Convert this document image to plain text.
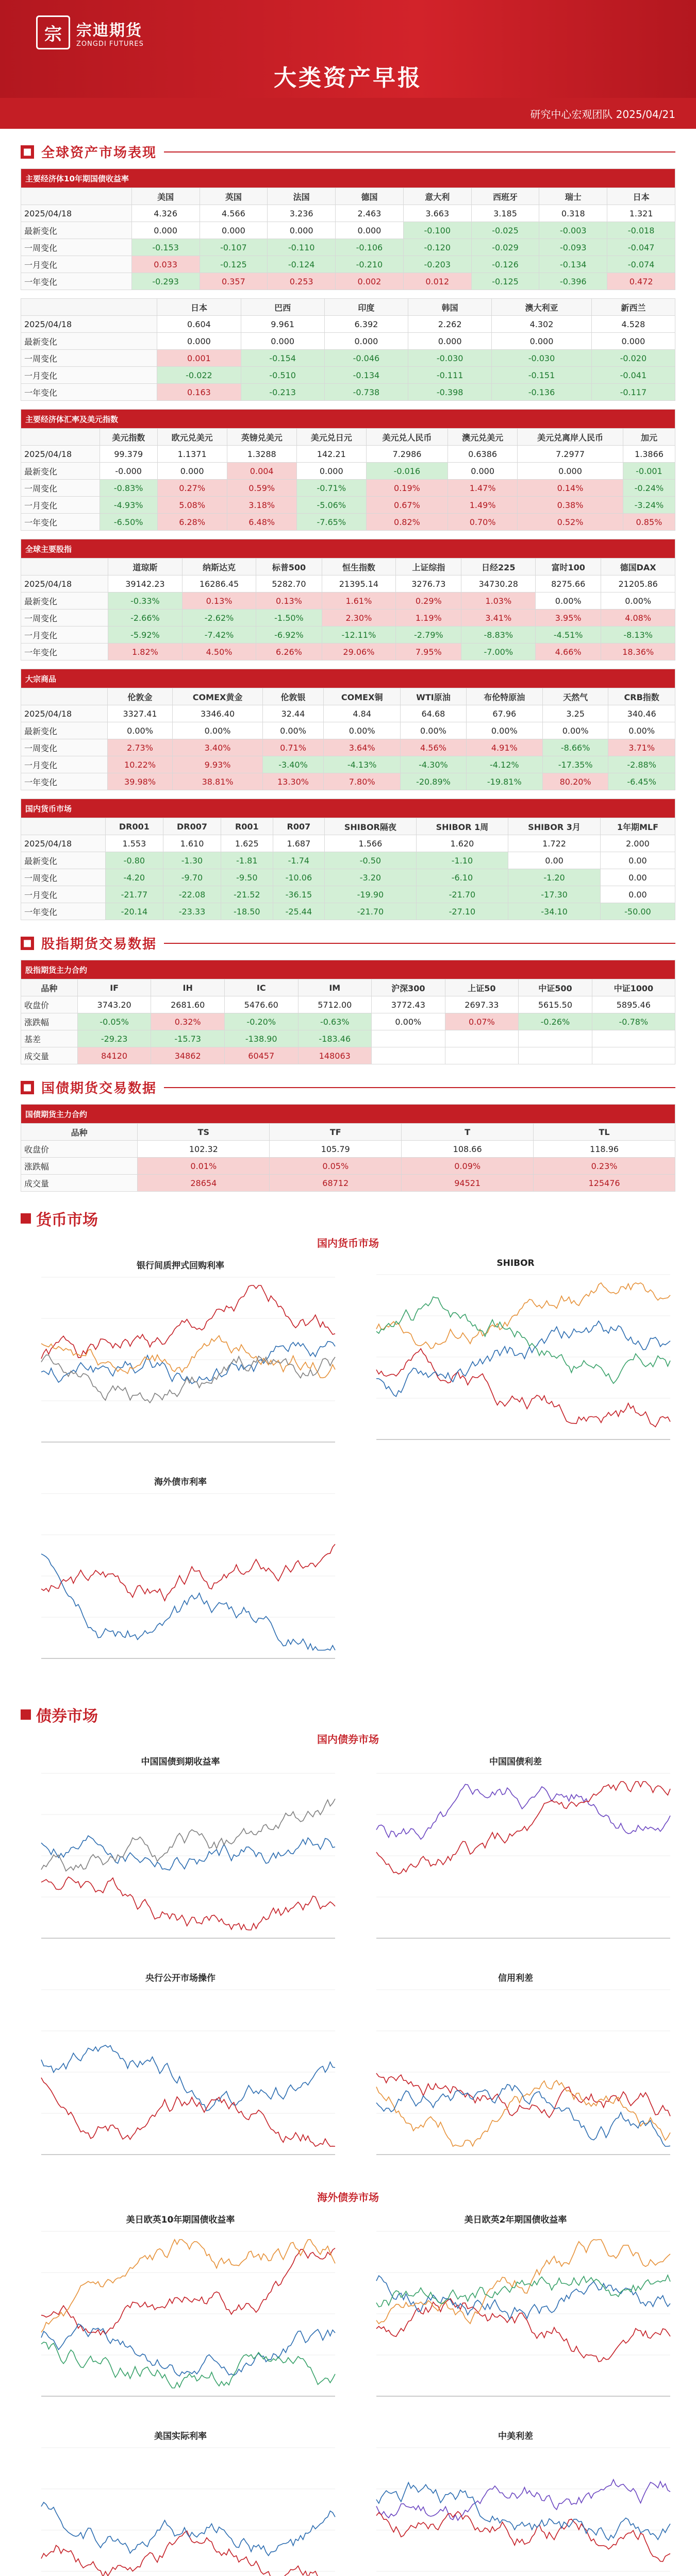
宗 宗迪期货
ZONGDI FUTURES
大类资产早报
研究中心宏观团队 2025/04/21
■ 全球资产市场表现
主要经济体10年期国债收益率								
	美国	英国	法国	德国	意大利	西班牙	瑞士	日本
2025/04/18	4.326	4.566	3.236	2.463	3.663	3.185	0.318	1.321
最新变化	0.000	0.000	0.000	0.000	-0.100	-0.025	-0.003	-0.018
一周变化	-0.153	-0.107	-0.110	-0.106	-0.120	-0.029	-0.093	-0.047
一月变化	0.033	-0.125	-0.124	-0.210	-0.203	-0.126	-0.134	-0.074
一年变化	-0.293	0.357	0.253	0.002	0.012	-0.125	-0.396	0.472
	日本	巴西	印度	韩国	澳大利亚	新西兰
2025/04/18	0.604	9.961	6.392	2.262	4.302	4.528
最新变化	0.000	0.000	0.000	0.000	0.000	0.000
一周变化	0.001	-0.154	-0.046	-0.030	-0.030	-0.020
一月变化	-0.022	-0.510	-0.134	-0.111	-0.151	-0.041
一年变化	0.163	-0.213	-0.738	-0.398	-0.136	-0.117
主要经济体汇率及美元指数								
	美元指数	欧元兑美元	英镑兑美元	美元兑日元	美元兑人民币	澳元兑美元	美元兑离岸人民币	加元
2025/04/18	99.379	1.1371	1.3288	142.21	7.2986	0.6386	7.2977	1.3866
最新变化	-0.000	0.000	0.004	0.000	-0.016	0.000	0.000	-0.001
一周变化	-0.83%	0.27%	0.59%	-0.71%	0.19%	1.47%	0.14%	-0.24%
一月变化	-4.93%	5.08%	3.18%	-5.06%	0.67%	1.49%	0.38%	-3.24%
一年变化	-6.50%	6.28%	6.48%	-7.65%	0.82%	0.70%	0.52%	0.85%
全球主要股指								
	道琼斯	纳斯达克	标普500	恒生指数	上证综指	日经225	富时100	德国DAX
2025/04/18	39142.23	16286.45	5282.70	21395.14	3276.73	34730.28	8275.66	21205.86
最新变化	-0.33%	0.13%	0.13%	1.61%	0.29%	1.03%	0.00%	0.00%
一周变化	-2.66%	-2.62%	-1.50%	2.30%	1.19%	3.41%	3.95%	4.08%
一月变化	-5.92%	-7.42%	-6.92%	-12.11%	-2.79%	-8.83%	-4.51%	-8.13%
一年变化	1.82%	4.50%	6.26%	29.06%	7.95%	-7.00%	4.66%	18.36%
大宗商品								
	伦敦金	COMEX黄金	伦敦银	COMEX铜	WTI原油	布伦特原油	天然气	CRB指数
2025/04/18	3327.41	3346.40	32.44	4.84	64.68	67.96	3.25	340.46
最新变化	0.00%	0.00%	0.00%	0.00%	0.00%	0.00%	0.00%	0.00%
一周变化	2.73%	3.40%	0.71%	3.64%	4.56%	4.91%	-8.66%	3.71%
一月变化	10.22%	9.93%	-3.40%	-4.13%	-4.30%	-4.12%	-17.35%	-2.88%
一年变化	39.98%	38.81%	13.30%	7.80%	-20.89%	-19.81%	80.20%	-6.45%
国内货币市场								
	DR001	DR007	R001	R007	SHIBOR隔夜	SHIBOR 1周	SHIBOR 3月	1年期MLF
2025/04/18	1.553	1.610	1.625	1.687	1.566	1.620	1.722	2.000
最新变化	-0.80	-1.30	-1.81	-1.74	-0.50	-1.10	0.00	0.00
一周变化	-4.20	-9.70	-9.50	-10.06	-3.20	-6.10	-1.20	0.00
一月变化	-21.77	-22.08	-21.52	-36.15	-19.90	-21.70	-17.30	0.00
一年变化	-20.14	-23.33	-18.50	-25.44	-21.70	-27.10	-34.10	-50.00
■ 股指期货交易数据
股指期货主力合约								
品种	IF	IH	IC	IM	沪深300	上证50	中证500	中证1000
收盘价	3743.20	2681.60	5476.60	5712.00	3772.43	2697.33	5615.50	5895.46
涨跌幅	-0.05%	0.32%	-0.20%	-0.63%	0.00%	0.07%	-0.26%	-0.78%
基差	-29.23	-15.73	-138.90	-183.46				
成交量	84120	34862	60457	148063				
■ 国债期货交易数据
国债期货主力合约				
品种	TS	TF	T	TL
收盘价	102.32	105.79	108.66	118.96
涨跌幅	0.01%	0.05%	0.09%	0.23%
成交量	28654	68712	94521	125476
货币市场
国内货币市场
银行间质押式回购利率	SHIBOR
海外债市利率
债券市场
国内债券市场
中国国债到期收益率	中国国债利差
央行公开市场操作	信用利差
海外债券市场
美日欧英10年期国债收益率	美日欧英2年期国债收益率
美国实际利率	中美利差
